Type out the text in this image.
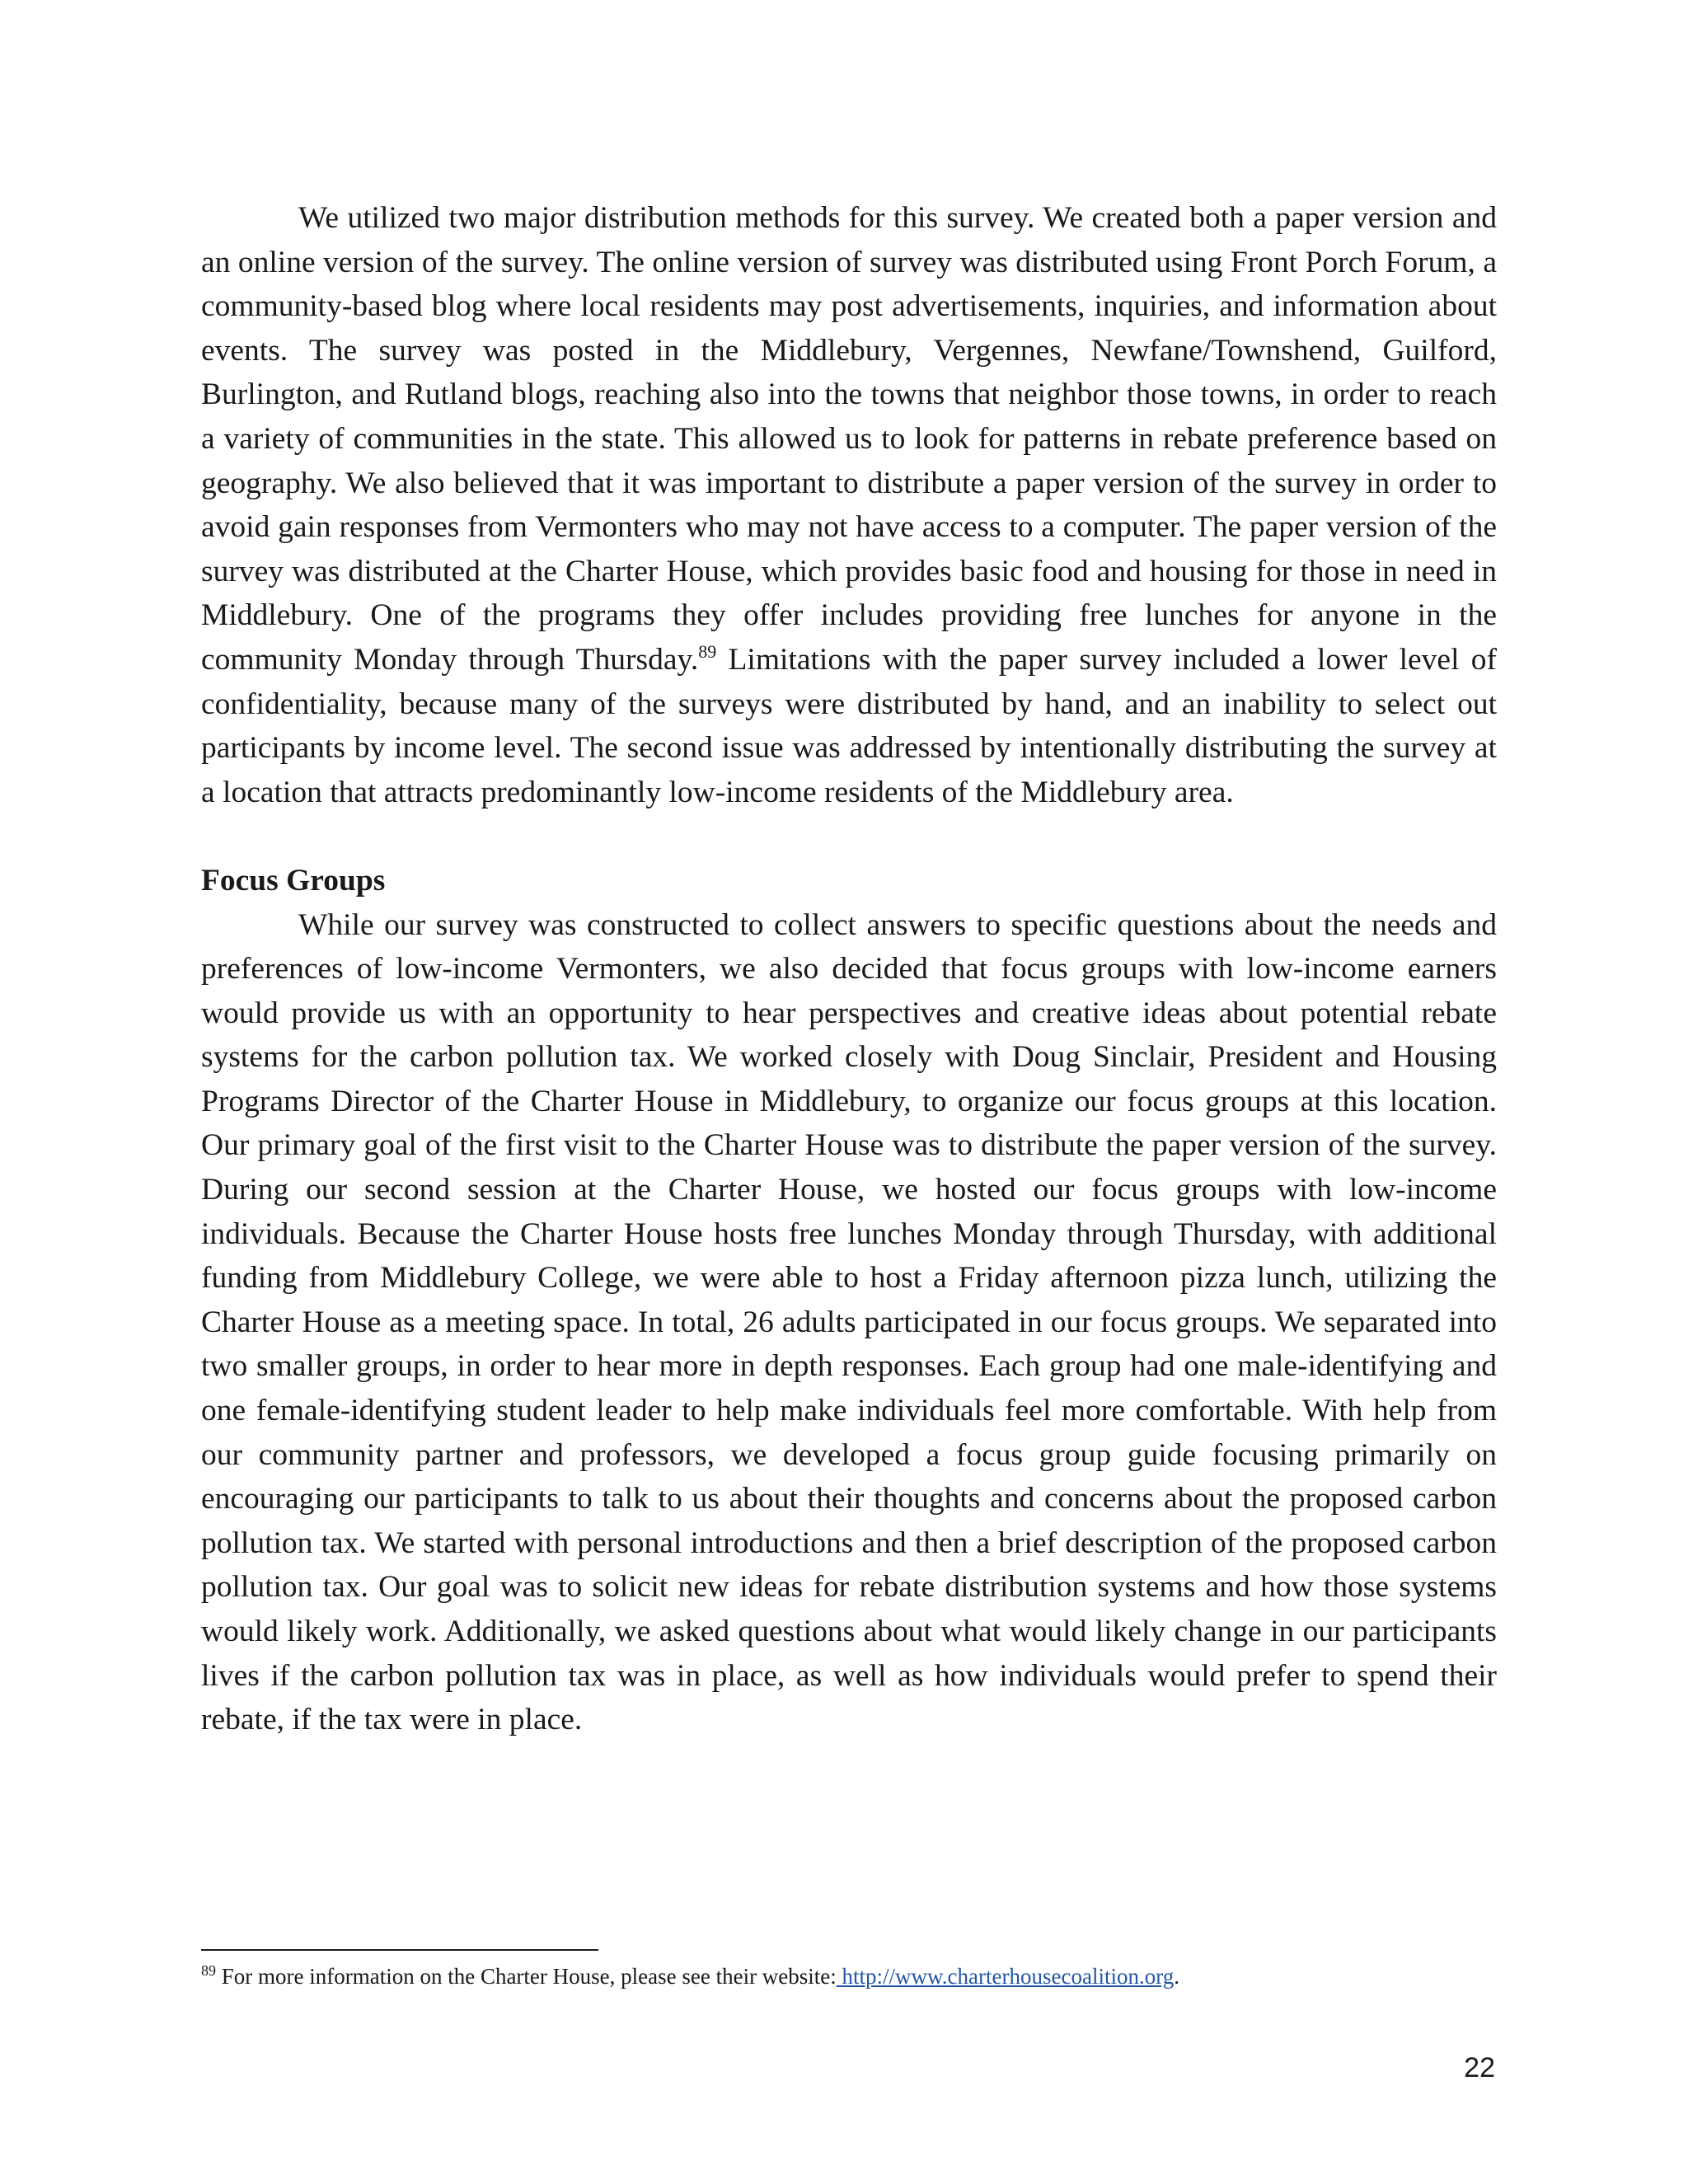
We utilized two major distribution methods for this survey. We created both a paper version and an online version of the survey. The online version of survey was distributed using Front Porch Forum, a community-based blog where local residents may post advertisements, inquiries, and information about events. The survey was posted in the Middlebury, Vergennes, Newfane/Townshend, Guilford, Burlington, and Rutland blogs, reaching also into the towns that neighbor those towns, in order to reach a variety of communities in the state. This allowed us to look for patterns in rebate preference based on geography. We also believed that it was important to distribute a paper version of the survey in order to avoid gain responses from Vermonters who may not have access to a computer. The paper version of the survey was distributed at the Charter House, which provides basic food and housing for those in need in Middlebury. One of the programs they offer includes providing free lunches for anyone in the community Monday through Thursday.$^{89}$ Limitations with the paper survey included a lower level of confidentiality, because many of the surveys were distributed by hand, and an inability to select out participants by income level. The second issue was addressed by intentionally distributing the survey at a location that attracts predominantly low-income residents of the Middlebury area.

Focus Groups

While our survey was constructed to collect answers to specific questions about the needs and preferences of low-income Vermonters, we also decided that focus groups with low-income earners would provide us with an opportunity to hear perspectives and creative ideas about potential rebate systems for the carbon pollution tax. We worked closely with Doug Sinclair, President and Housing Programs Director of the Charter House in Middlebury, to organize our focus groups at this location. Our primary goal of the first visit to the Charter House was to distribute the paper version of the survey. During our second session at the Charter House, we hosted our focus groups with low-income individuals. Because the Charter House hosts free lunches Monday through Thursday, with additional funding from Middlebury College, we were able to host a Friday afternoon pizza lunch, utilizing the Charter House as a meeting space. In total, 26 adults participated in our focus groups. We separated into two smaller groups, in order to hear more in depth responses. Each group had one male-identifying and one female-identifying student leader to help make individuals feel more comfortable. With help from our community partner and professors, we developed a focus group guide focusing primarily on encouraging our participants to talk to us about their thoughts and concerns about the proposed carbon pollution tax. We started with personal introductions and then a brief description of the proposed carbon pollution tax. Our goal was to solicit new ideas for rebate distribution systems and how those systems would likely work. Additionally, we asked questions about what would likely change in our participants lives if the carbon pollution tax was in place, as well as how individuals would prefer to spend their rebate, if the tax were in place.

$^{89}$ For more information on the Charter House, please see their website: http://www.charterhousecoalition.org.
22
